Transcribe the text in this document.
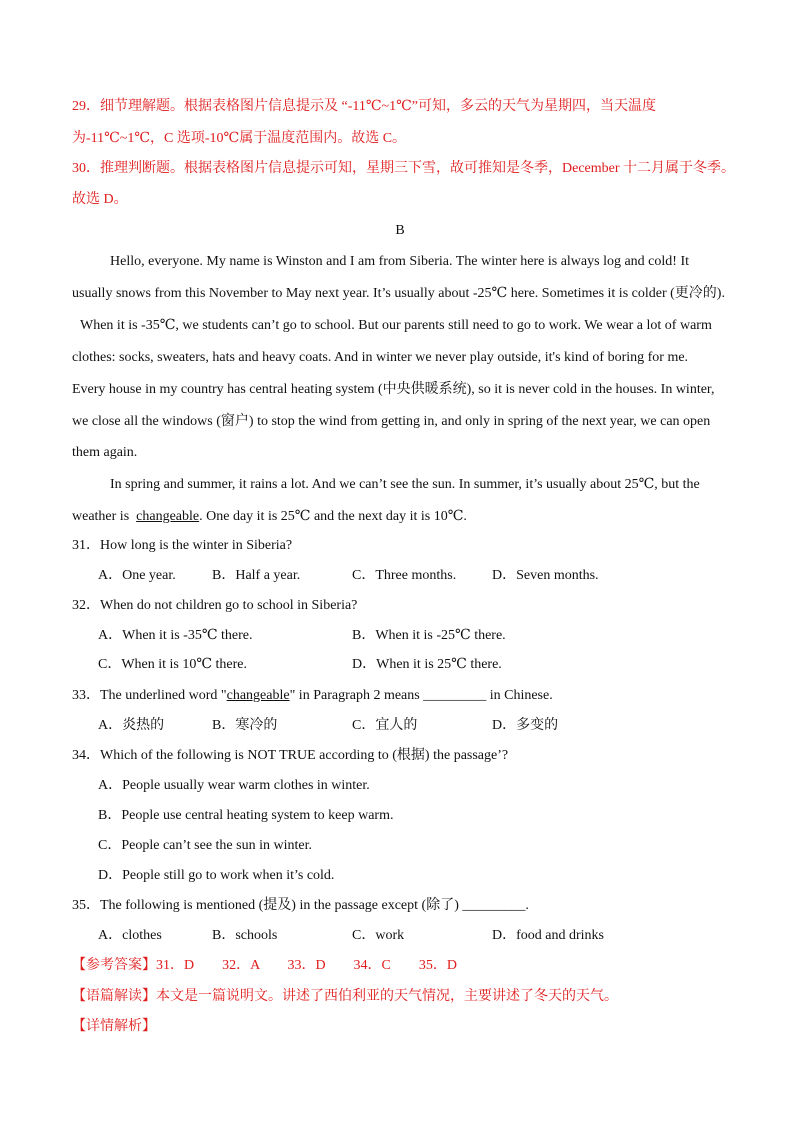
29．细节理解题。根据表格图片信息提示及 “-11℃~1℃”可知，多云的天气为星期四，当天温度
为-11℃~1℃，C 选项-10℃属于温度范围内。故选 C。
30．推理判断题。根据表格图片信息提示可知，星期三下雪，故可推知是冬季，December 十二月属于冬季。
故选 D。
B
Hello, everyone. My name is Winston and I am from Siberia. The winter here is always log and cold! It
usually snows from this November to May next year. It’s usually about -25℃ here. Sometimes it is colder (更冷的).
When it is -35℃, we students can’t go to school. But our parents still need to go to work. We wear a lot of warm
clothes: socks, sweaters, hats and heavy coats. And in winter we never play outside, it's kind of boring for me.
Every house in my country has central heating system (中央供暖系统), so it is never cold in the houses. In winter,
we close all the windows (窗户) to stop the wind from getting in, and only in spring of the next year, we can open
them again.
In spring and summer, it rains a lot. And we can’t see the sun. In summer, it’s usually about 25℃, but the
weather is changeable. One day it is 25℃ and the next day it is 10℃.
31．How long is the winter in Siberia?
A．One year.	B．Half a year.	C．Three months.	D．Seven months.
32．When do not children go to school in Siberia?
A．When it is -35℃ there.	B．When it is -25℃ there.
C．When it is 10℃ there.	D．When it is 25℃ there.
33．The underlined word "changeable" in Paragraph 2 means _________ in Chinese.
A．炎热的	B．寒冷的	C．宜人的	D．多变的
34．Which of the following is NOT TRUE according to (根据) the passage’?
A．People usually wear warm clothes in winter.
B．People use central heating system to keep warm.
C．People can’t see the sun in winter.
D．People still go to work when it’s cold.
35．The following is mentioned (提及) in the passage except (除了) _________.
A．clothes	B．schools	C．work	D．food and drinks
【参考答案】31．D　　32．A　　33．D　　34．C　　35．D
【语篇解读】本文是一篇说明文。讲述了西伯利亚的天气情况，主要讲述了冬天的天气。
【详情解析】
